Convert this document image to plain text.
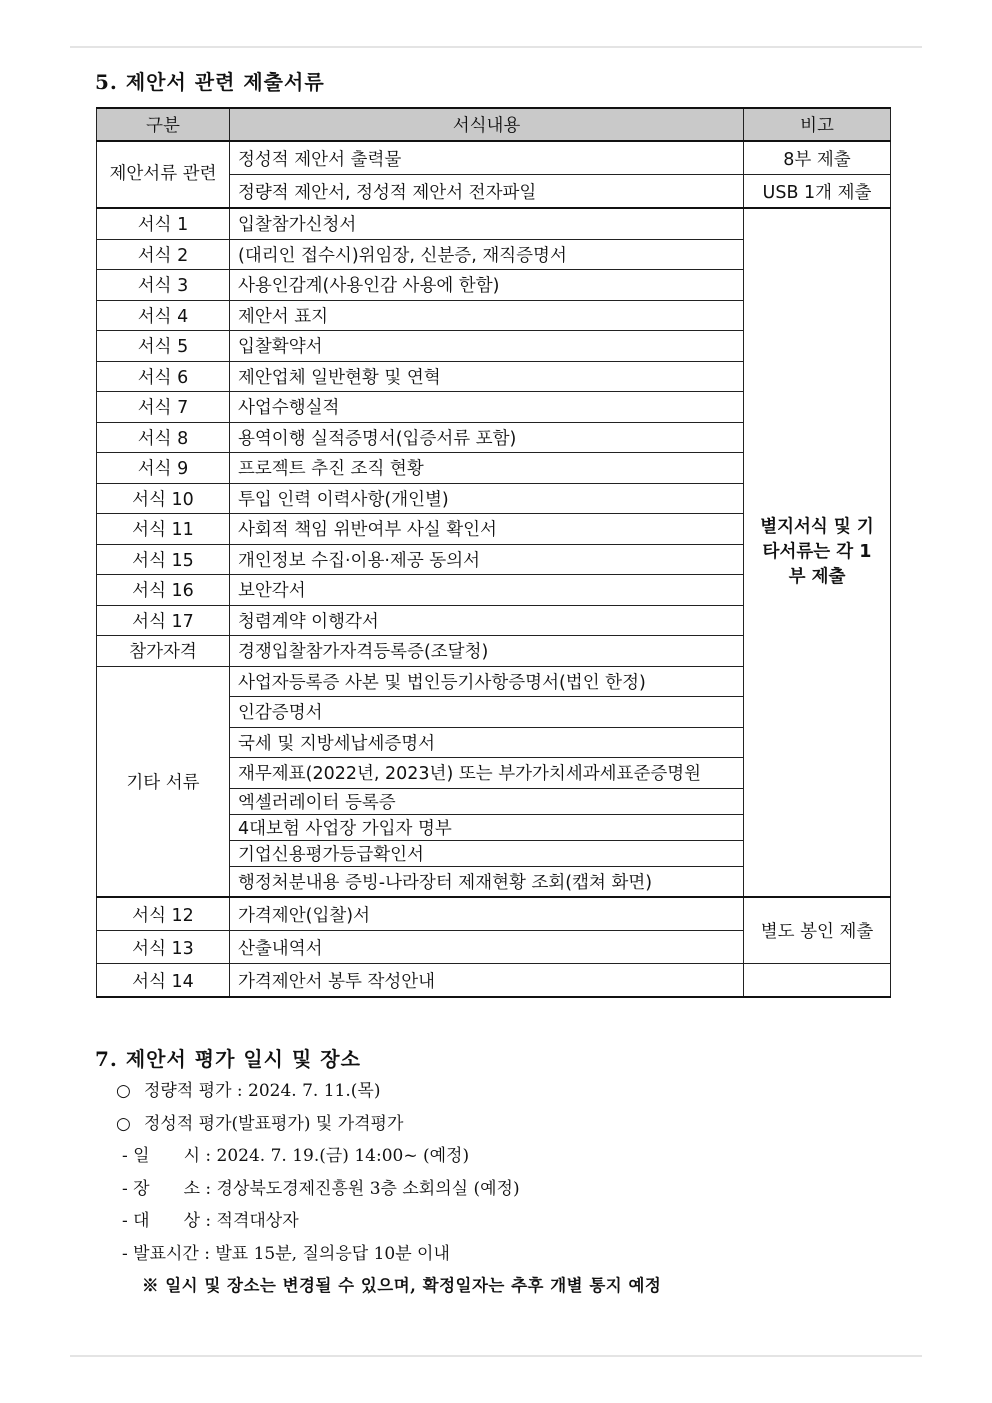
5. 제안서 관련 제출서류
구분	서식내용	비고
제안서류 관련	정성적 제안서 출력물	8부 제출
	정량적 제안서, 정성적 제안서 전자파일	USB 1개 제출
서식 1	입찰참가신청서	별지서식 및 기타서류는 각 1부 제출
서식 2	(대리인 접수시)위임장, 신분증, 재직증명서	
서식 3	사용인감계(사용인감 사용에 한함)	
서식 4	제안서 표지	
서식 5	입찰확약서	
서식 6	제안업체 일반현황 및 연혁	
서식 7	사업수행실적	
서식 8	용역이행 실적증명서(입증서류 포함)	
서식 9	프로젝트 추진 조직 현황	
서식 10	투입 인력 이력사항(개인별)	
서식 11	사회적 책임 위반여부 사실 확인서	
서식 15	개인정보 수집·이용·제공 동의서	
서식 16	보안각서	
서식 17	청렴계약 이행각서	
참가자격	경쟁입찰참가자격등록증(조달청)	
기타 서류	사업자등록증 사본 및 법인등기사항증명서(법인 한정)	
	인감증명서	
	국세 및 지방세납세증명서	
	재무제표(2022년, 2023년) 또는 부가가치세과세표준증명원	
	엑셀러레이터 등록증	
	4대보험 사업장 가입자 명부	
	기업신용평가등급확인서	
	행정처분내용 증빙-나라장터 제재현황 조회(캡쳐 화면)	
서식 12	가격제안(입찰)서	별도 봉인 제출
서식 13	산출내역서	
서식 14	가격제안서 봉투 작성안내	
7. 제안서 평가 일시 및 장소
○ 정량적 평가 : 2024. 7. 11.(목)
○ 정성적 평가(발표평가) 및 가격평가
- 일　　시 : 2024. 7. 19.(금) 14:00~ (예정)
- 장　　소 : 경상북도경제진흥원 3층 소회의실 (예정)
- 대　　상 : 적격대상자
- 발표시간 : 발표 15분, 질의응답 10분 이내
※ 일시 및 장소는 변경될 수 있으며, 확정일자는 추후 개별 통지 예정
